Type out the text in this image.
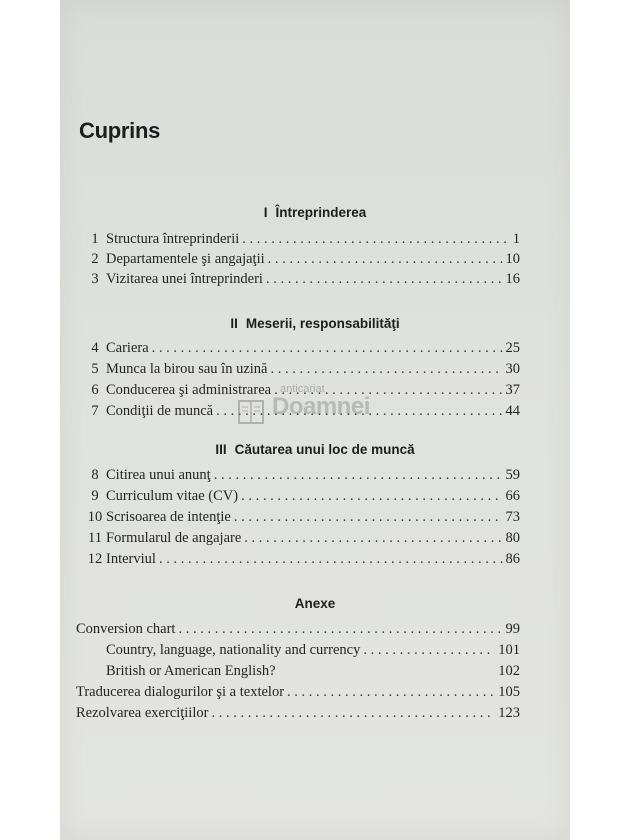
Cuprins
I Întreprinderea
1 Structura întreprinderii . . .	1
2 Departamentele şi angajaţii . . .	10
3 Vizitarea unei întreprinderi . . .	16
II Meserii, responsabilităţi
4 Cariera . . .	25
5 Munca la birou sau în uzină . . .	30
6 Conducerea şi administrarea . . .	37
7 Condiţii de muncă . . .	44
anticariat
Doamnei
III Căutarea unui loc de muncă
8 Citirea unui anunţ . . .	59
9 Curriculum vitae (CV) . . .	66
10 Scrisoarea de intenţie . . .	73
11 Formularul de angajare . . .	80
12 Interviul . . .	86
Anexe
Conversion chart . . .	99
Country, language, nationality and currency . . .	101
British or American English?	102
Traducerea dialogurilor şi a textelor . . .	105
Rezolvarea exerciţiilor . . .	123
